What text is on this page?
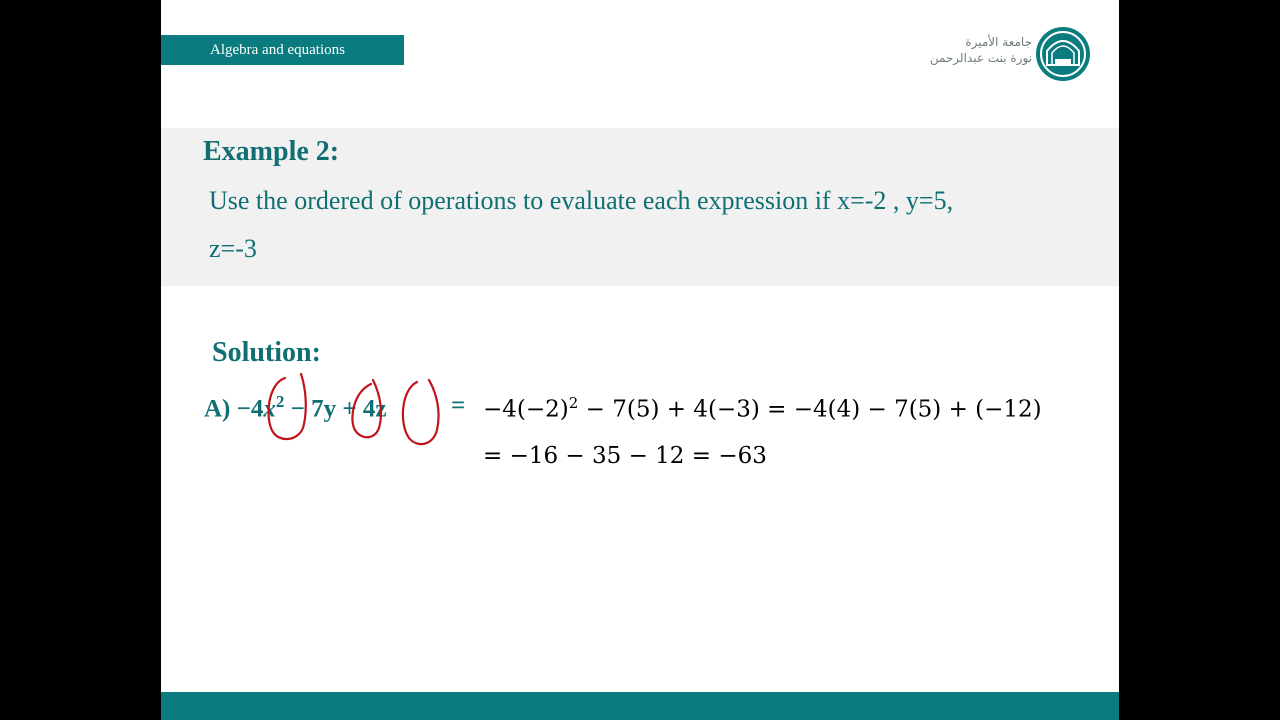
Algebra and equations	جامعة الأميرة
نورة بنت عبدالرحمن
Example 2:
Use the ordered of operations to evaluate each expression if x=-2 , y=5,
z=-3
Solution:
$A) -4x^2 - 7y + 4z$	= $-4(-2)^2 - 7(5) + 4(-3) = -4(4) - 7(5) + (-12)$
= −16 − 35 − 12 = −63
